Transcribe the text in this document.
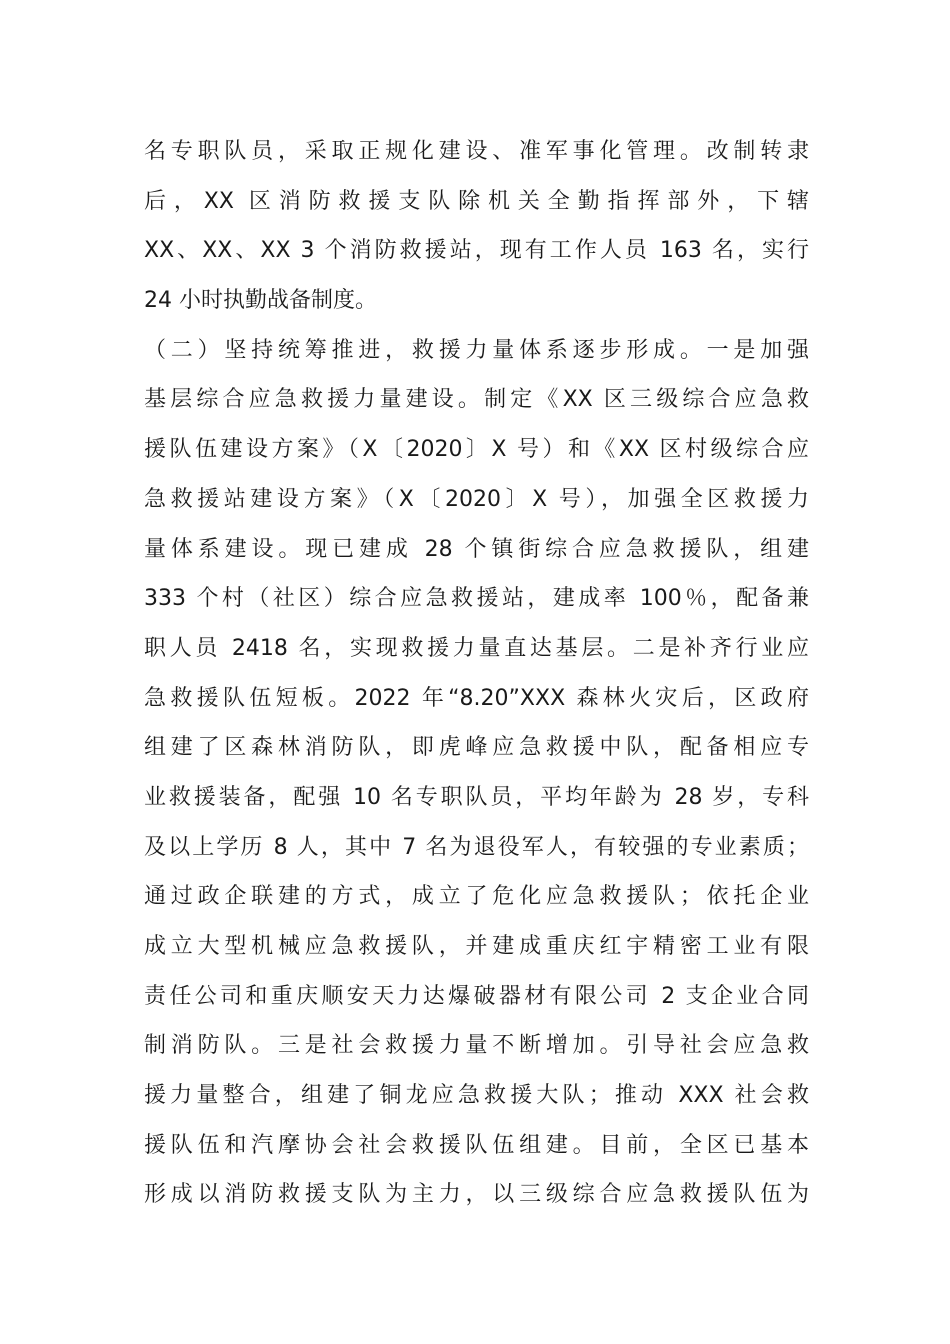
名专职队员，采取正规化建设、准军事化管理。改制转隶
后，XX 区消防救援支队除机关全勤指挥部外，下辖
XX、XX、XX 3 个消防救援站，现有工作人员 163 名，实行
24 小时执勤战备制度。
（二）坚持统筹推进，救援力量体系逐步形成。一是加强
基层综合应急救援力量建设。制定《XX 区三级综合应急救
援队伍建设方案》（X〔2020〕X 号）和《XX 区村级综合应
急救援站建设方案》（X〔2020〕X 号），加强全区救援力
量体系建设。现已建成 28 个镇街综合应急救援队，组建
333 个村（社区）综合应急救援站，建成率 100％，配备兼
职人员 2418 名，实现救援力量直达基层。二是补齐行业应
急救援队伍短板。2022 年“8.20”XXX 森林火灾后，区政府
组建了区森林消防队，即虎峰应急救援中队，配备相应专
业救援装备，配强 10 名专职队员，平均年龄为 28 岁，专科
及以上学历 8 人，其中 7 名为退役军人，有较强的专业素质；
通过政企联建的方式，成立了危化应急救援队；依托企业
成立大型机械应急救援队，并建成重庆红宇精密工业有限
责任公司和重庆顺安天力达爆破器材有限公司 2 支企业合同
制消防队。三是社会救援力量不断增加。引导社会应急救
援力量整合，组建了铜龙应急救援大队；推动 XXX 社会救
援队伍和汽摩协会社会救援队伍组建。目前，全区已基本
形成以消防救援支队为主力，以三级综合应急救援队伍为
